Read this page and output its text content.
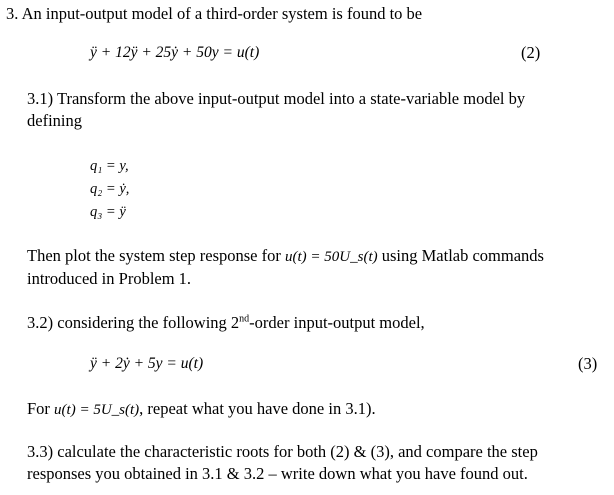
3. An input-output model of a third-order system is found to be
ÿ + 12ÿ + 25ẏ + 50y = u(t)	(2)
3.1) Transform the above input-output model into a state-variable model by
defining
q₁ = y,
q₂ = ẏ,
q₃ = ÿ
Then plot the system step response for u(t) = 50U_s(t) using Matlab commands
introduced in Problem 1.
3.2) considering the following 2nd-order input-output model,
ÿ + 2ẏ + 5y = u(t)	(3)
For u(t) = 5U_s(t), repeat what you have done in 3.1).
3.3) calculate the characteristic roots for both (2) & (3), and compare the step
responses you obtained in 3.1 & 3.2 – write down what you have found out.
